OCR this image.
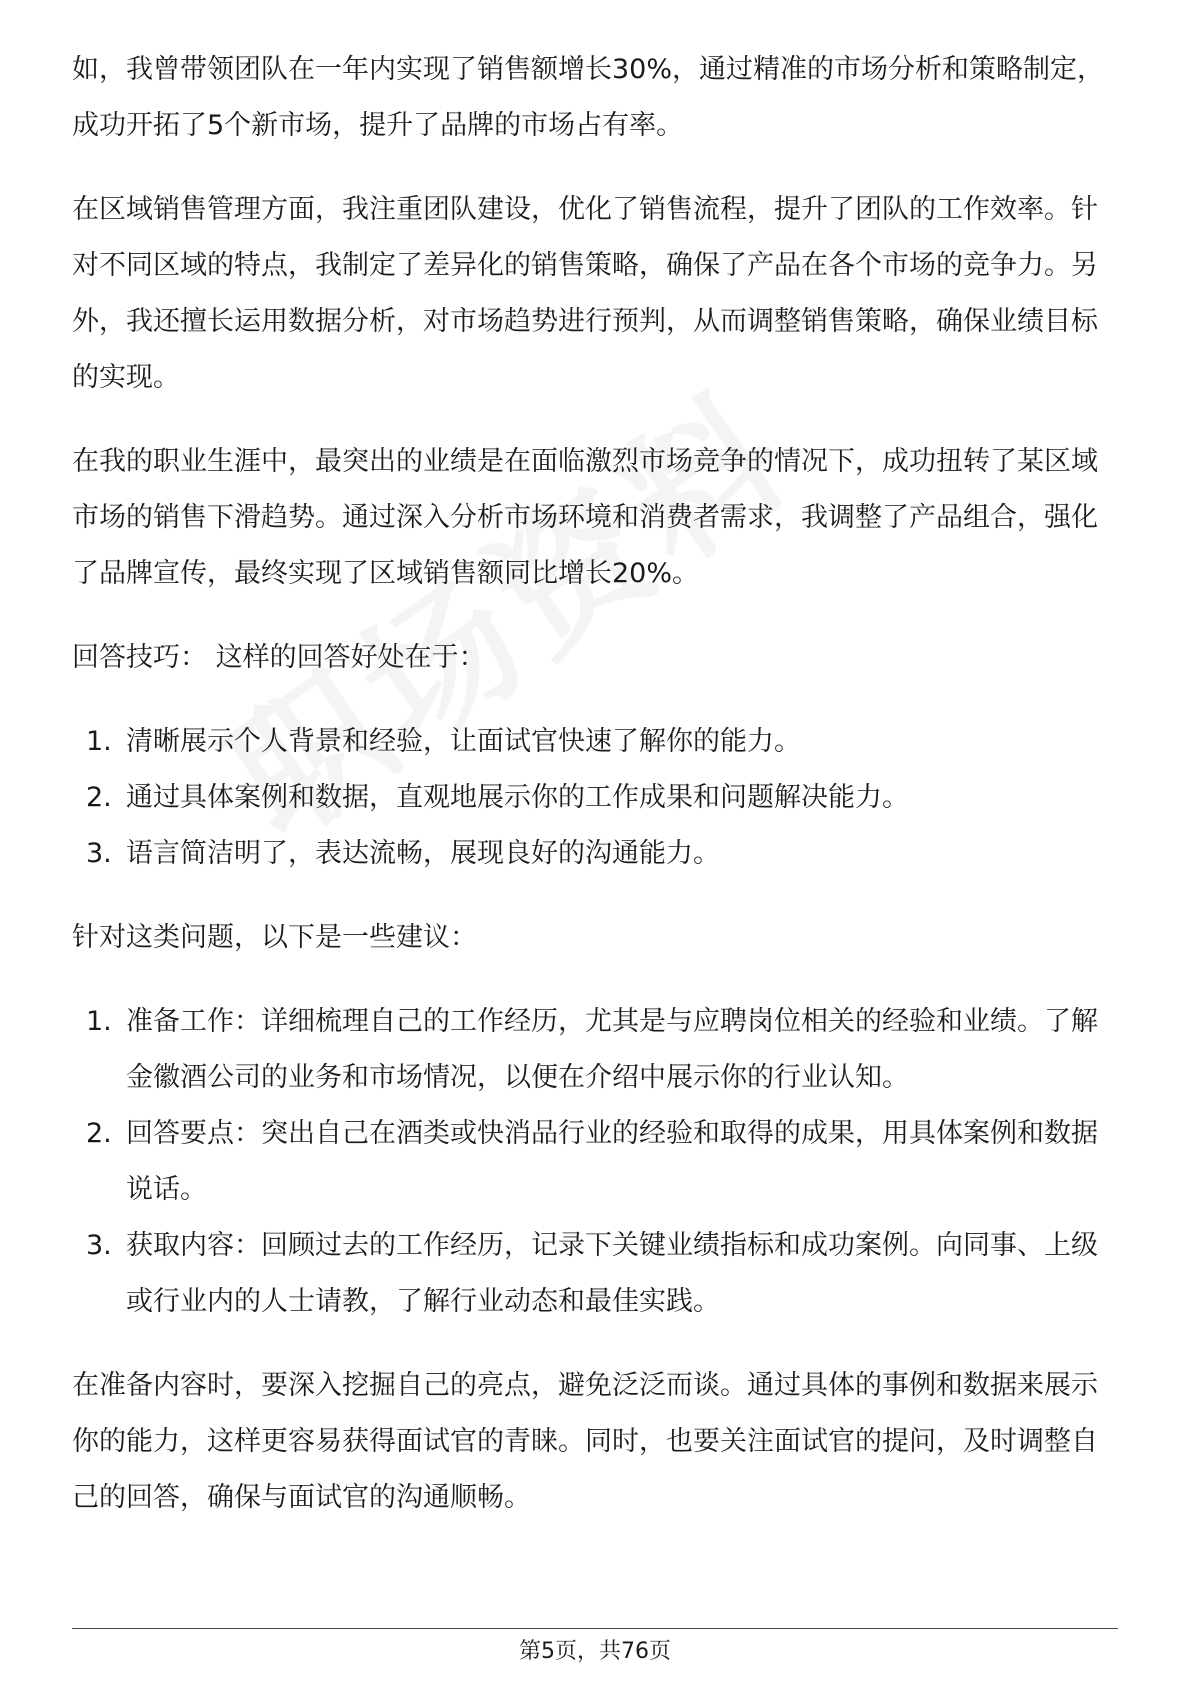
如，我曾带领团队在一年内实现了销售额增长30%，通过精准的市场分析和策略制定，成功开拓了5个新市场，提升了品牌的市场占有率。

在区域销售管理方面，我注重团队建设，优化了销售流程，提升了团队的工作效率。针对不同区域的特点，我制定了差异化的销售策略，确保了产品在各个市场的竞争力。另外，我还擅长运用数据分析，对市场趋势进行预判，从而调整销售策略，确保业绩目标的实现。

在我的职业生涯中，最突出的业绩是在面临激烈市场竞争的情况下，成功扭转了某区域市场的销售下滑趋势。通过深入分析市场环境和消费者需求，我调整了产品组合，强化了品牌宣传，最终实现了区域销售额同比增长20%。

回答技巧： 这样的回答好处在于：

1. 清晰展示个人背景和经验，让面试官快速了解你的能力。
2. 通过具体案例和数据，直观地展示你的工作成果和问题解决能力。
3. 语言简洁明了，表达流畅，展现良好的沟通能力。

针对这类问题，以下是一些建议：

1. 准备工作：详细梳理自己的工作经历，尤其是与应聘岗位相关的经验和业绩。了解金徽酒公司的业务和市场情况，以便在介绍中展示你的行业认知。
2. 回答要点：突出自己在酒类或快消品行业的经验和取得的成果，用具体案例和数据说话。
3. 获取内容：回顾过去的工作经历，记录下关键业绩指标和成功案例。向同事、上级或行业内的人士请教，了解行业动态和最佳实践。

在准备内容时，要深入挖掘自己的亮点，避免泛泛而谈。通过具体的事例和数据来展示你的能力，这样更容易获得面试官的青睐。同时，也要关注面试官的提问，及时调整自己的回答，确保与面试官的沟通顺畅。

第5页，共76页
